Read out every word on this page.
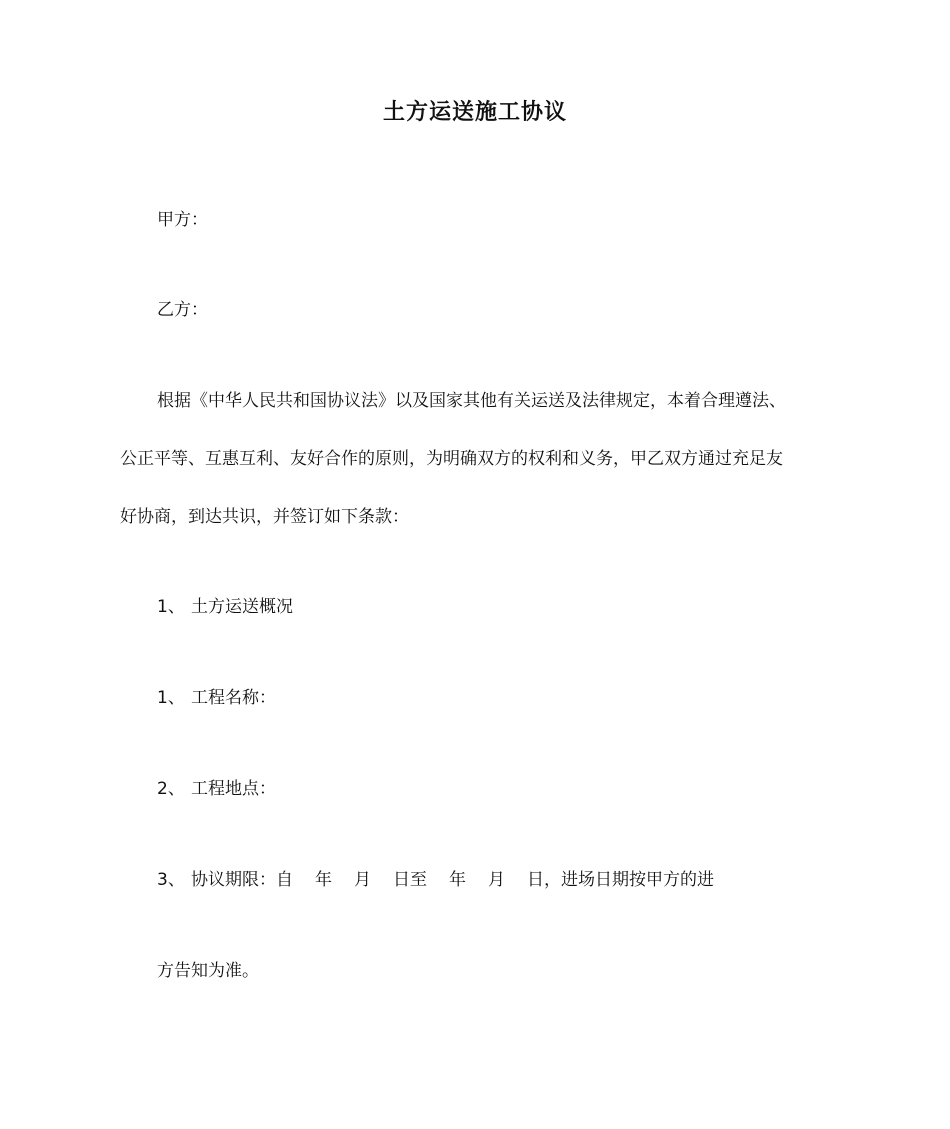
土方运送施工协议
甲方：
乙方：
根据《中华人民共和国协议法》以及国家其他有关运送及法律规定，本着合理遵法、
公正平等、互惠互利、友好合作的原则，为明确双方的权利和义务，甲乙双方通过充足友
好协商，到达共识，并签订如下条款：
1、 土方运送概况
1、 工程名称：
2、 工程地点：
3、 协议期限：自 年 月 日至 年 月 日，进场日期按甲方的进
方告知为准。
